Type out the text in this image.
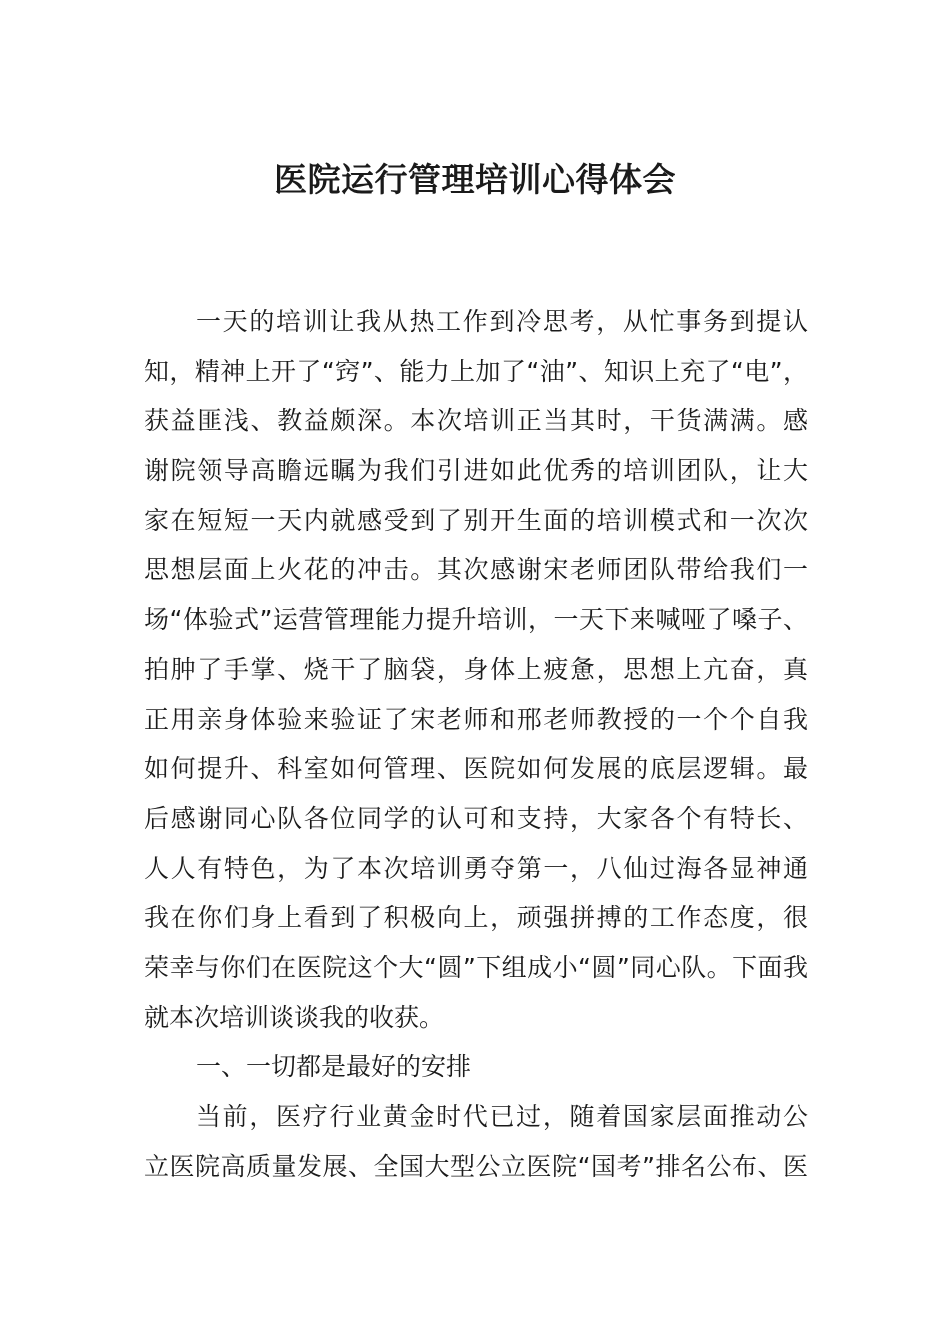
医院运行管理培训心得体会
一天的培训让我从热工作到冷思考，从忙事务到提认
知，精神上开了“窍”、能力上加了“油”、知识上充了“电”，
获益匪浅、教益颇深。本次培训正当其时，干货满满。感
谢院领导高瞻远瞩为我们引进如此优秀的培训团队，让大
家在短短一天内就感受到了别开生面的培训模式和一次次
思想层面上火花的冲击。其次感谢宋老师团队带给我们一
场“体验式”运营管理能力提升培训，一天下来喊哑了嗓子、
拍肿了手掌、烧干了脑袋，身体上疲惫，思想上亢奋，真
正用亲身体验来验证了宋老师和邢老师教授的一个个自我
如何提升、科室如何管理、医院如何发展的底层逻辑。最
后感谢同心队各位同学的认可和支持，大家各个有特长、
人人有特色，为了本次培训勇夺第一，八仙过海各显神通
我在你们身上看到了积极向上，顽强拼搏的工作态度，很
荣幸与你们在医院这个大“圆”下组成小“圆”同心队。下面我
就本次培训谈谈我的收获。
一、一切都是最好的安排
当前，医疗行业黄金时代已过，随着国家层面推动公
立医院高质量发展、全国大型公立医院“国考”排名公布、医
